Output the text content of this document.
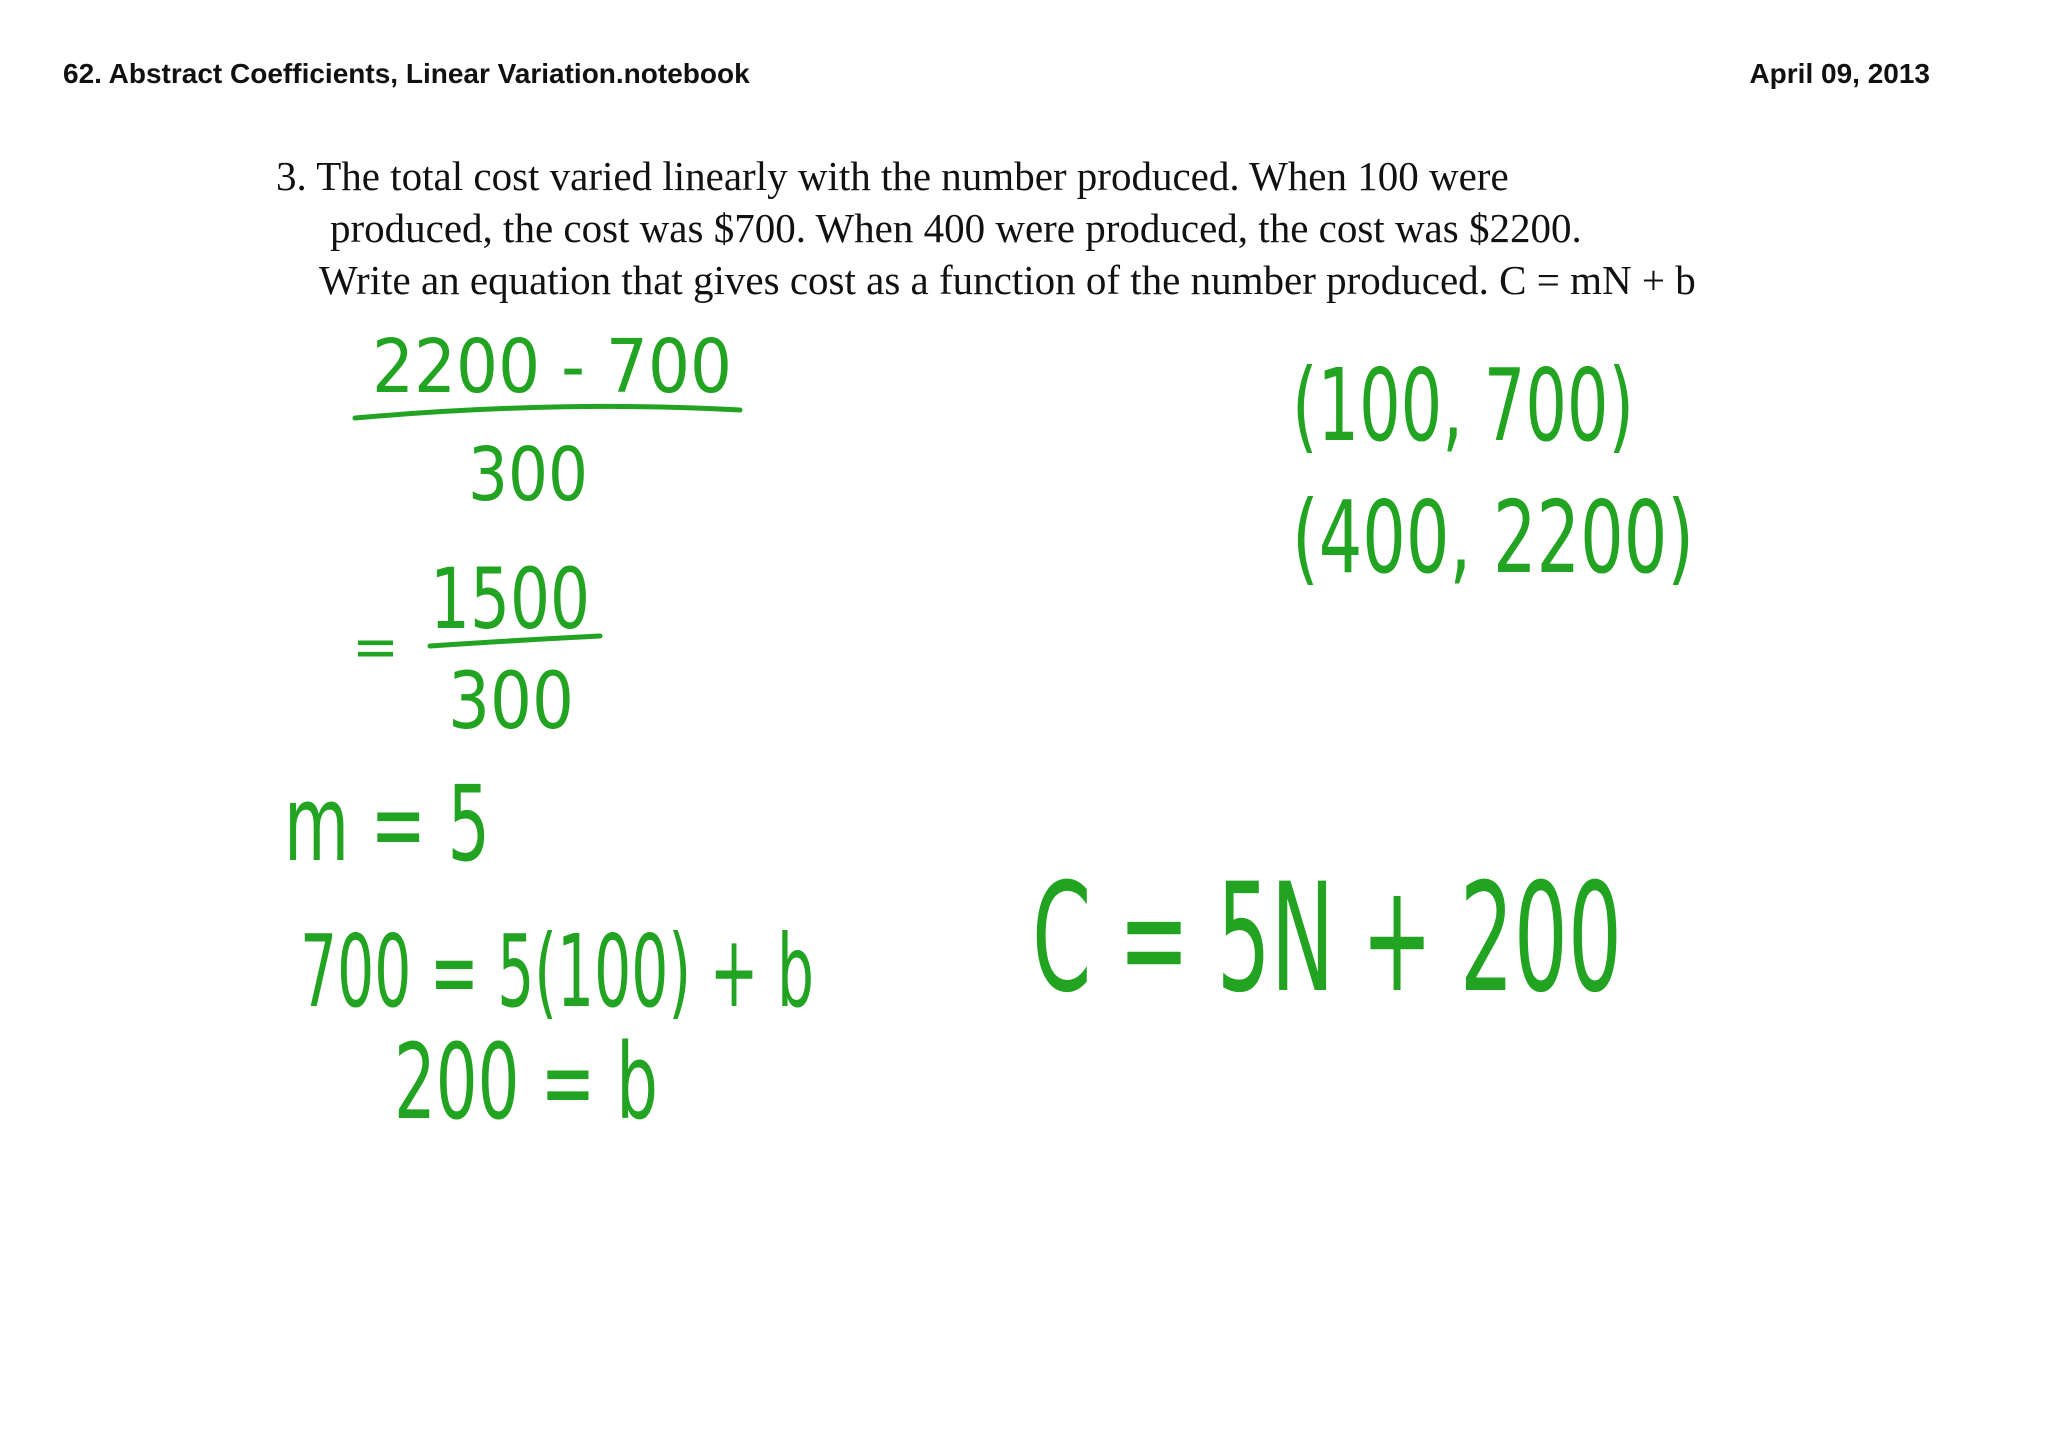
62. Abstract Coefficients, Linear Variation.notebook	April 09, 2013
3. The total cost varied linearly with the number produced. When 100 were
produced, the cost was $700. When 400 were produced, the cost was $2200.
Write an equation that gives cost as a function of the number produced. C = mN + b
2200 - 700
300
= 1500
300
m = 5
700 = 5(100) + b
200 = b
(100, 700)
(400, 2200)
C = 5N + 200
